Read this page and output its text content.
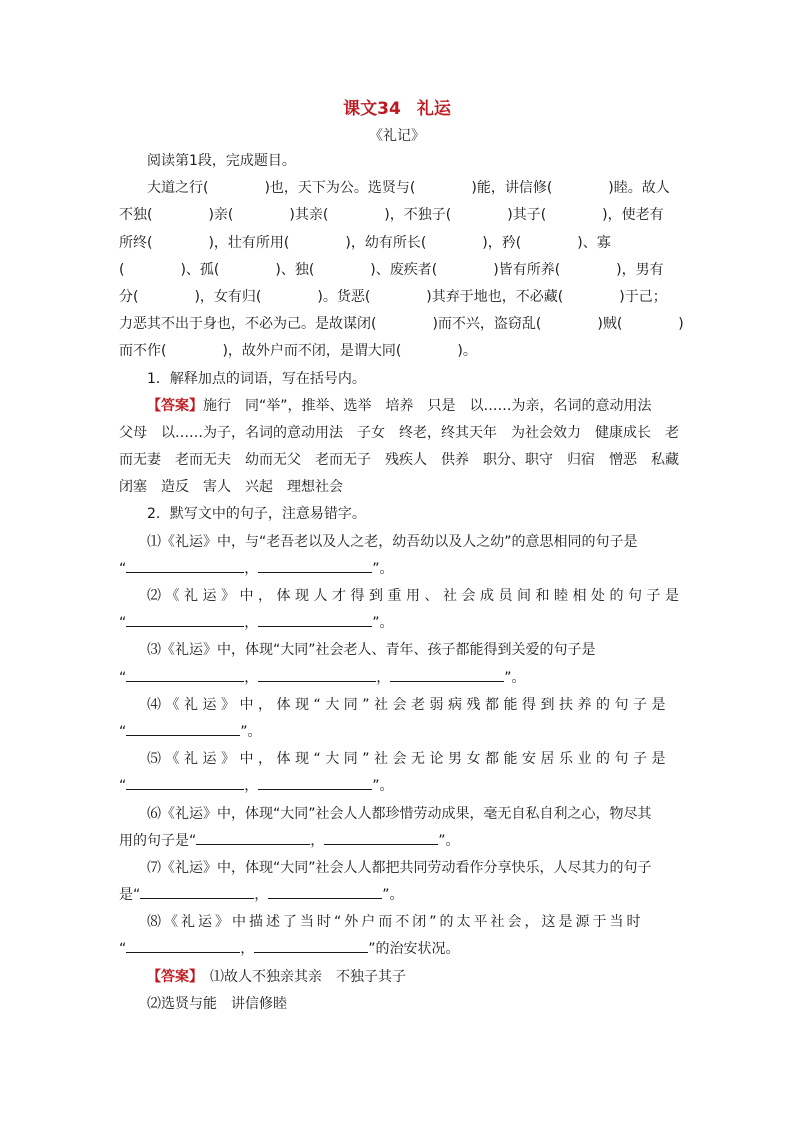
课文34 礼运
《礼记》
阅读第1段，完成题目。
大道之行(　　　　)也，天下为公。选贤与(　　　　)能，讲信修(　　　　)睦。故人
不独(　　　　)亲(　　　　)其亲(　　　　)，不独子(　　　　)其子(　　　　)，使老有
所终(　　　　)，壮有所用(　　　　)，幼有所长(　　　　)，矜(　　　　)、寡
(　　　　)、孤(　　　　)、独(　　　　)、废疾者(　　　　)皆有所养(　　　　)，男有
分(　　　　)，女有归(　　　　)。货恶(　　　　)其弃于地也，不必藏(　　　　)于己；
力恶其不出于身也，不必为己。是故谋闭(　　　　)而不兴，盗窃乱(　　　　)贼(　　　　)
而不作(　　　　)，故外户而不闭，是谓大同(　　　　)。
1．解释加点的词语，写在括号内。
【答案】施行　同“举”，推举、选举　培养　只是　以……为亲，名词的意动用法
父母　以……为子，名词的意动用法　子女　终老，终其天年　为社会效力　健康成长　老
而无妻　老而无夫　幼而无父　老而无子　残疾人　供养　职分、职守　归宿　憎恶　私藏
闭塞　造反　害人　兴起　理想社会
2．默写文中的句子，注意易错字。
⑴《礼运》中，与“老吾老以及人之老，幼吾幼以及人之幼”的意思相同的句子是
“	，	”。
⑵《礼运》中，体现人才得到重用、社会成员间和睦相处的句子是
“	，	”。
⑶《礼运》中，体现“大同”社会老人、青年、孩子都能得到关爱的句子是
“	，	，	”。
⑷《礼运》中，体现“大同”社会老弱病残都能得到扶养的句子是
“	”。
⑸《礼运》中，体现“大同”社会无论男女都能安居乐业的句子是
“	，	”。
⑹《礼运》中，体现“大同”社会人人都珍惜劳动成果，毫无自私自利之心，物尽其
用的句子是“	，	”。
⑺《礼运》中，体现“大同”社会人人都把共同劳动看作分享快乐，人尽其力的句子
是“	，	”。
⑻《礼运》中描述了当时“外户而不闭”的太平社会，这是源于当时
“	，	”的治安状况。
【答案】　 ⑴故人不独亲其亲　不独子其子
⑵选贤与能　讲信修睦
